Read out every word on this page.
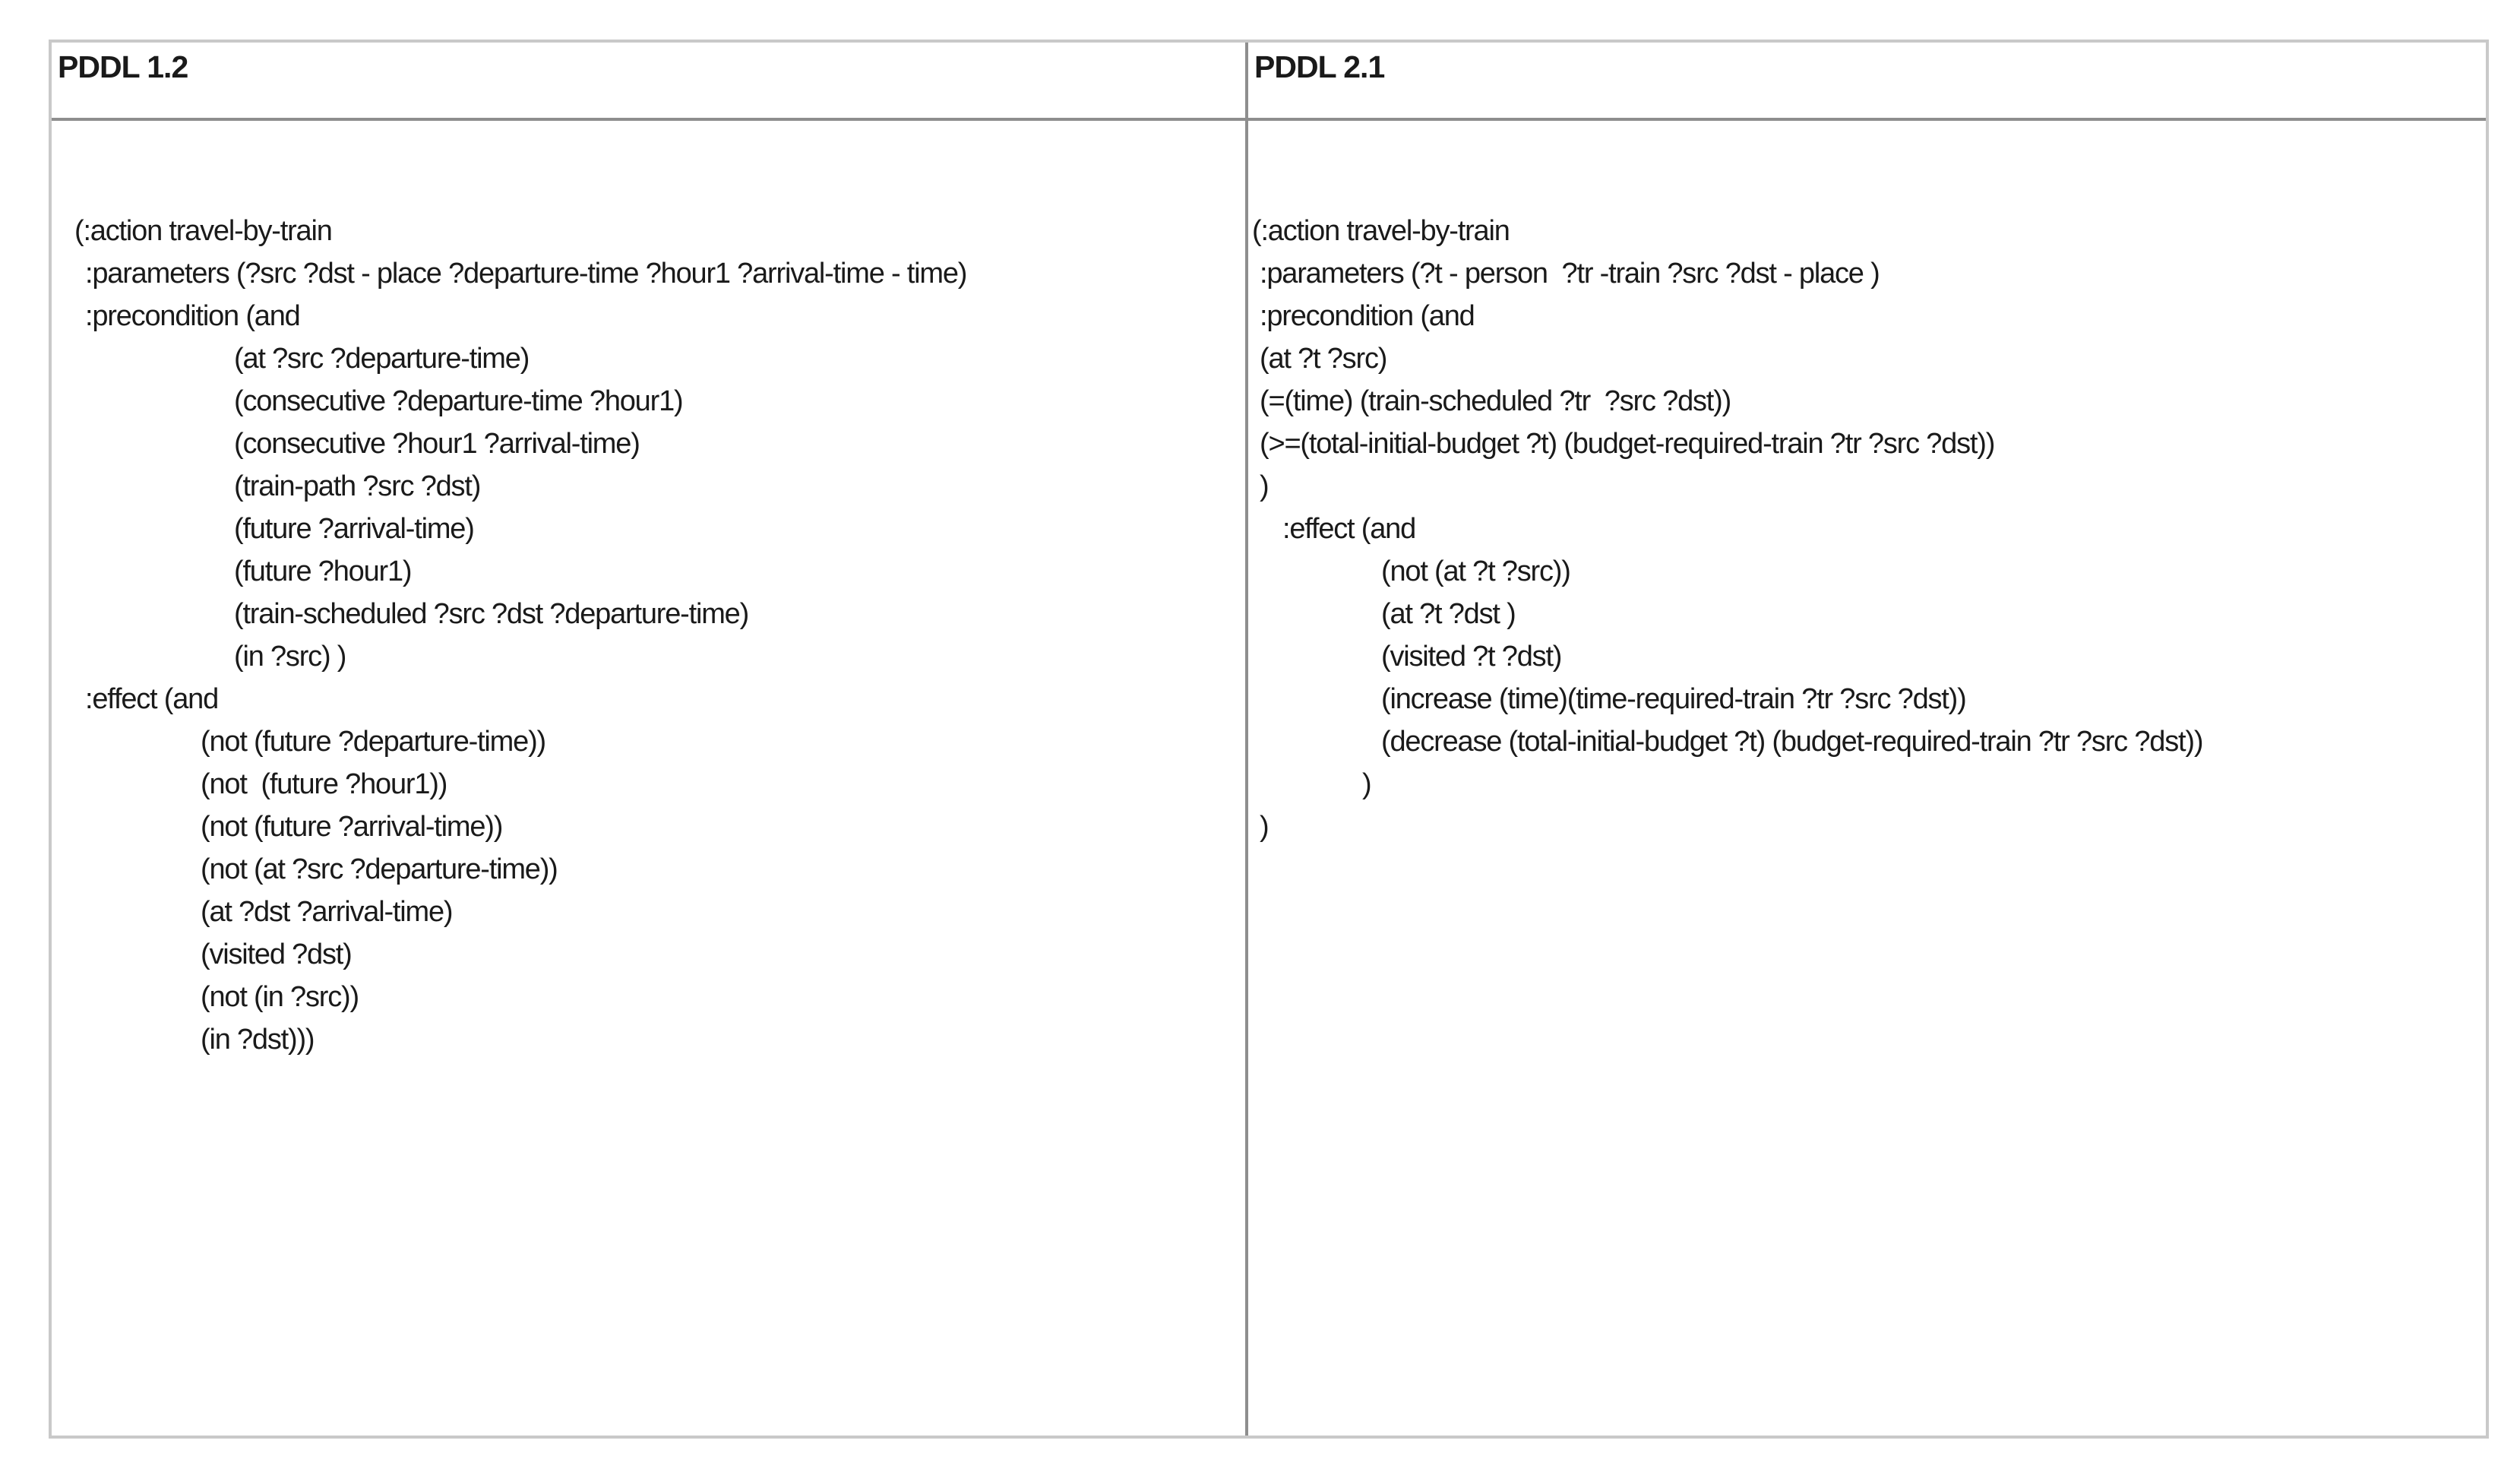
PDDL 1.2	PDDL 2.1
(:action travel-by-train
:parameters (?src ?dst - place ?departure-time ?hour1 ?arrival-time - time)
:precondition (and
(at ?src ?departure-time)
(consecutive ?departure-time ?hour1)
(consecutive ?hour1 ?arrival-time)
(train-path ?src ?dst)
(future ?arrival-time)
(future ?hour1)
(train-scheduled ?src ?dst ?departure-time)
(in ?src) )
:effect (and
(not (future ?departure-time))
(not  (future ?hour1))
(not (future ?arrival-time))
(not (at ?src ?departure-time))
(at ?dst ?arrival-time)
(visited ?dst)
(not (in ?src))
(in ?dst)))
(:action travel-by-train
:parameters (?t - person  ?tr -train ?src ?dst - place )
:precondition (and
(at ?t ?src)
(=(time) (train-scheduled ?tr  ?src ?dst))
(>=(total-initial-budget ?t) (budget-required-train ?tr ?src ?dst))
)
:effect (and
(not (at ?t ?src))
(at ?t ?dst )
(visited ?t ?dst)
(increase (time)(time-required-train ?tr ?src ?dst))
(decrease (total-initial-budget ?t) (budget-required-train ?tr ?src ?dst))
)
)
